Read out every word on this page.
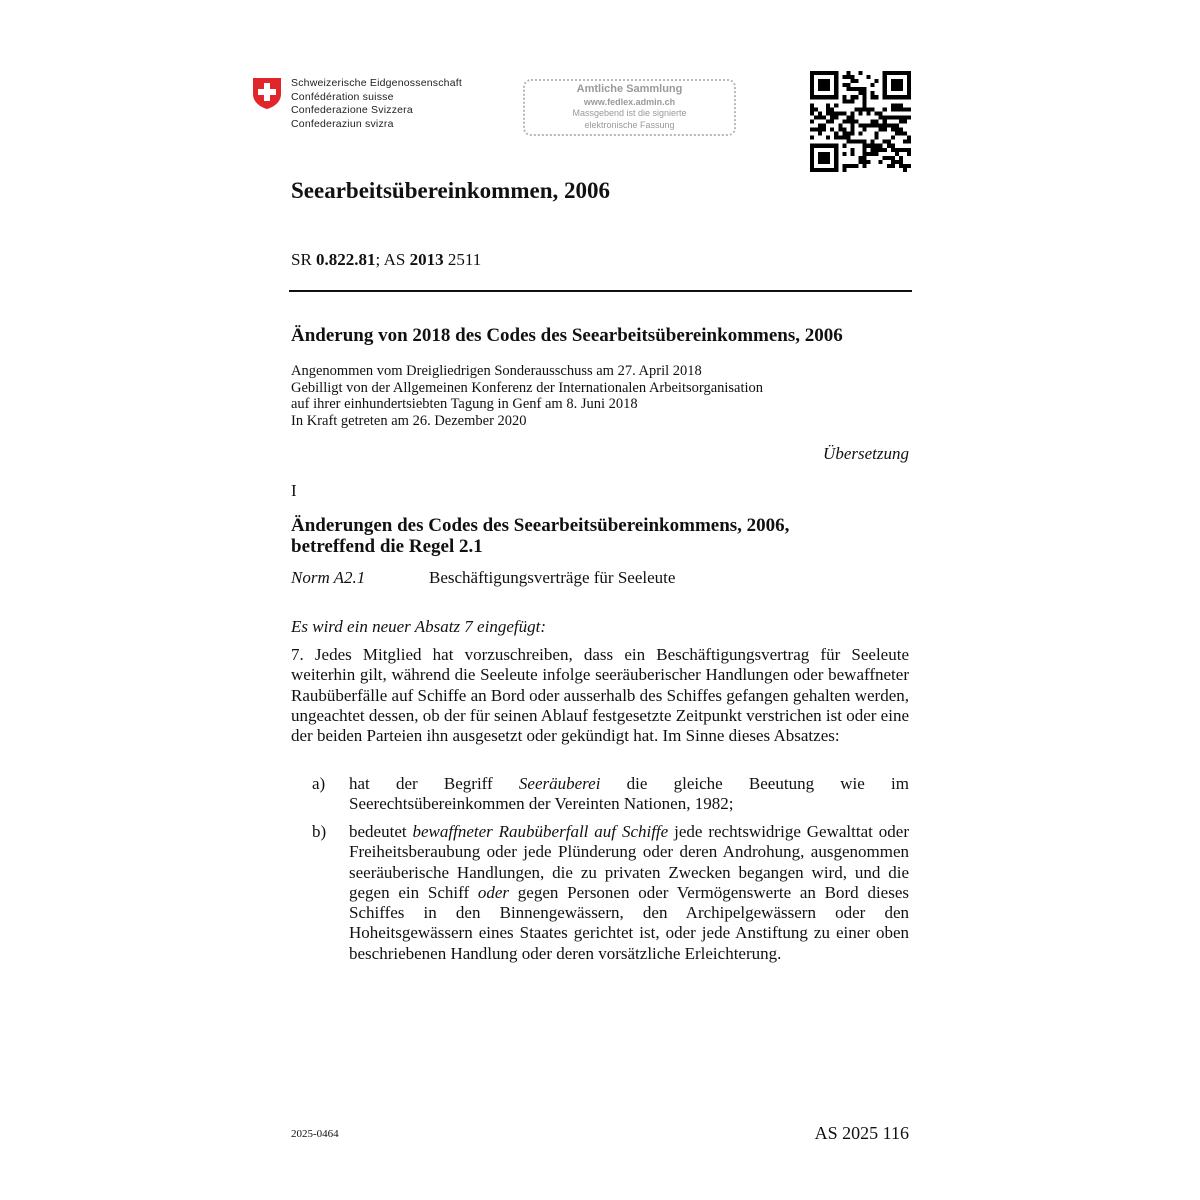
Schweizerische Eidgenossenschaft
Confédération suisse
Confederazione Svizzera
Confederaziun svizra
Amtliche Sammlung
www.fedlex.admin.ch
Massgebend ist die signierte
elektronische Fassung
Seearbeitsübereinkommen, 2006
SR 0.822.81; AS 2013 2511
Änderung von 2018 des Codes des Seearbeitsübereinkommens, 2006
Angenommen vom Dreigliedrigen Sonderausschuss am 27. April 2018
Gebilligt von der Allgemeinen Konferenz der Internationalen Arbeitsorganisation
auf ihrer einhundertsiebten Tagung in Genf am 8. Juni 2018
In Kraft getreten am 26. Dezember 2020
Übersetzung
I
Änderungen des Codes des Seearbeitsübereinkommens, 2006,
betreffend die Regel 2.1
Norm A2.1	Beschäftigungsverträge für Seeleute
Es wird ein neuer Absatz 7 eingefügt:
7. Jedes Mitglied hat vorzuschreiben, dass ein Beschäftigungsvertrag für Seeleute weiterhin gilt, während die Seeleute infolge seeräuberischer Handlungen oder bewaffneter Raubüberfälle auf Schiffe an Bord oder ausserhalb des Schiffes gefangen gehalten werden, ungeachtet dessen, ob der für seinen Ablauf festgesetzte Zeitpunkt verstrichen ist oder eine der beiden Parteien ihn ausgesetzt oder gekündigt hat. Im Sinne dieses Absatzes:
a) hat der Begriff Seeräuberei die gleiche Beeutung wie im Seerechtsübereinkommen der Vereinten Nationen, 1982;
b) bedeutet bewaffneter Raubüberfall auf Schiffe jede rechtswidrige Gewalttat oder Freiheitsberaubung oder jede Plünderung oder deren Androhung, ausgenommen seeräuberische Handlungen, die zu privaten Zwecken begangen wird, und die gegen ein Schiff oder gegen Personen oder Vermögenswerte an Bord dieses Schiffes in den Binnengewässern, den Archipelgewässern oder den Hoheitsgewässern eines Staates gerichtet ist, oder jede Anstiftung zu einer oben beschriebenen Handlung oder deren vorsätzliche Erleichterung.
2025-0464	AS 2025 116
